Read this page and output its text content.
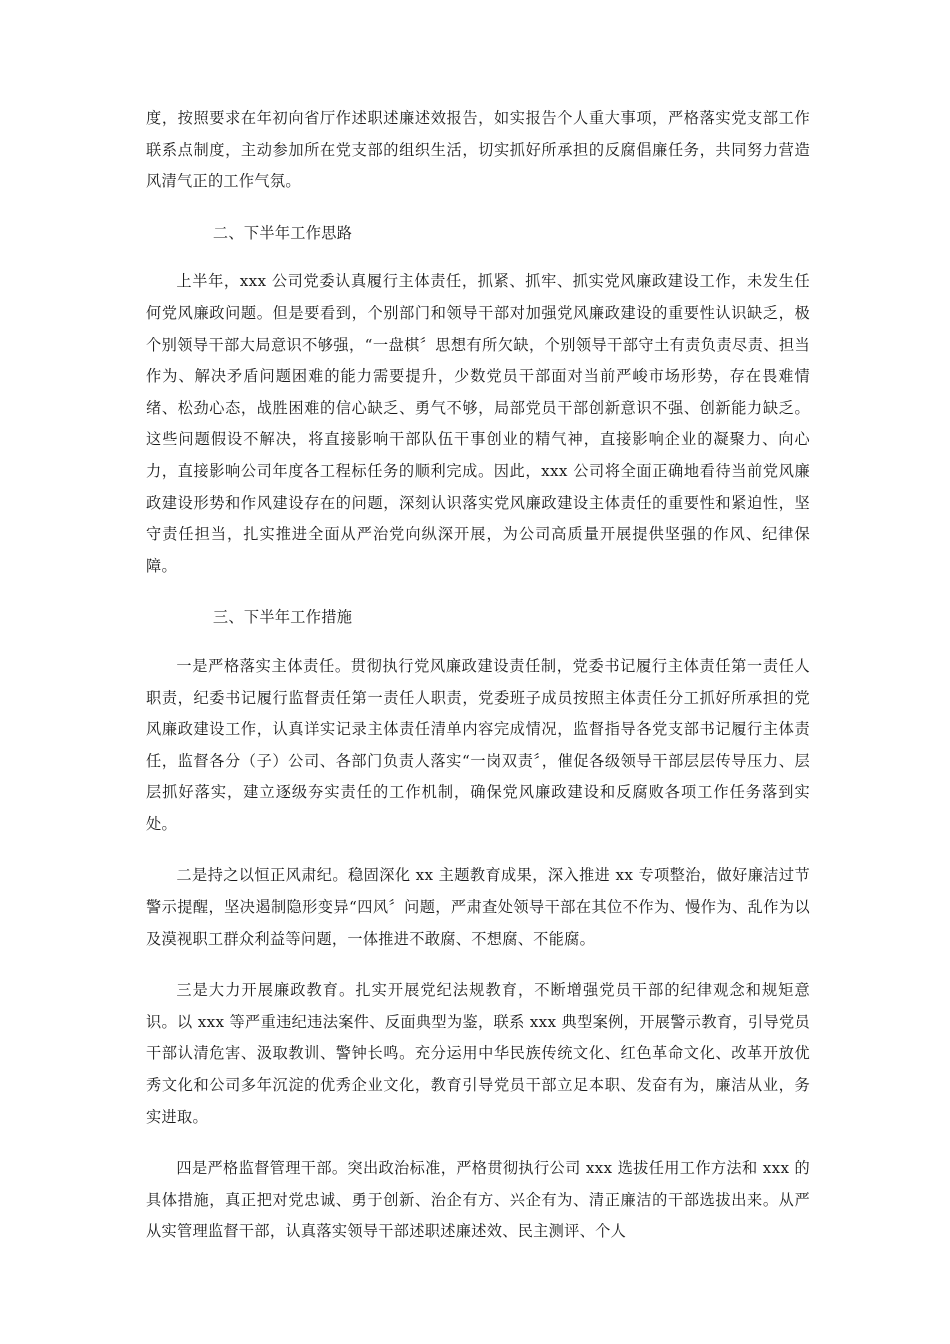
度，按照要求在年初向省厅作述职述廉述效报告，如实报告个人重大事项，严格落实党支部工作联系点制度，主动参加所在党支部的组织生活，切实抓好所承担的反腐倡廉任务，共同努力营造风清气正的工作气氛。

二、下半年工作思路

上半年，xxx 公司党委认真履行主体责任，抓紧、抓牢、抓实党风廉政建设工作，未发生任何党风廉政问题。但是要看到，个别部门和领导干部对加强党风廉政建设的重要性认识缺乏，极个别领导干部大局意识不够强，“一盘棋〞思想有所欠缺，个别领导干部守土有责负责尽责、担当作为、解决矛盾问题困难的能力需要提升，少数党员干部面对当前严峻市场形势，存在畏难情绪、松劲心态，战胜困难的信心缺乏、勇气不够，局部党员干部创新意识不强、创新能力缺乏。这些问题假设不解决，将直接影响干部队伍干事创业的精气神，直接影响企业的凝聚力、向心力，直接影响公司年度各工程标任务的顺利完成。因此，xxx 公司将全面正确地看待当前党风廉政建设形势和作风建设存在的问题，深刻认识落实党风廉政建设主体责任的重要性和紧迫性，坚守责任担当，扎实推进全面从严治党向纵深开展，为公司高质量开展提供坚强的作风、纪律保障。

三、下半年工作措施

一是严格落实主体责任。贯彻执行党风廉政建设责任制，党委书记履行主体责任第一责任人职责，纪委书记履行监督责任第一责任人职责，党委班子成员按照主体责任分工抓好所承担的党风廉政建设工作，认真详实记录主体责任清单内容完成情况，监督指导各党支部书记履行主体责任，监督各分（子）公司、各部门负责人落实“一岗双责〞，催促各级领导干部层层传导压力、层层抓好落实，建立逐级夯实责任的工作机制，确保党风廉政建设和反腐败各项工作任务落到实处。

二是持之以恒正风肃纪。稳固深化 xx 主题教育成果，深入推进 xx 专项整治，做好廉洁过节警示提醒，坚决遏制隐形变异“四风〞问题，严肃查处领导干部在其位不作为、慢作为、乱作为以及漠视职工群众利益等问题，一体推进不敢腐、不想腐、不能腐。

三是大力开展廉政教育。扎实开展党纪法规教育，不断增强党员干部的纪律观念和规矩意识。以 xxx 等严重违纪违法案件、反面典型为鉴，联系 xxx 典型案例，开展警示教育，引导党员干部认清危害、汲取教训、警钟长鸣。充分运用中华民族传统文化、红色革命文化、改革开放优秀文化和公司多年沉淀的优秀企业文化，教育引导党员干部立足本职、发奋有为，廉洁从业，务实进取。

四是严格监督管理干部。突出政治标准，严格贯彻执行公司 xxx 选拔任用工作方法和 xxx 的具体措施，真正把对党忠诚、勇于创新、治企有方、兴企有为、清正廉洁的干部选拔出来。从严从实管理监督干部，认真落实领导干部述职述廉述效、民主测评、个人
